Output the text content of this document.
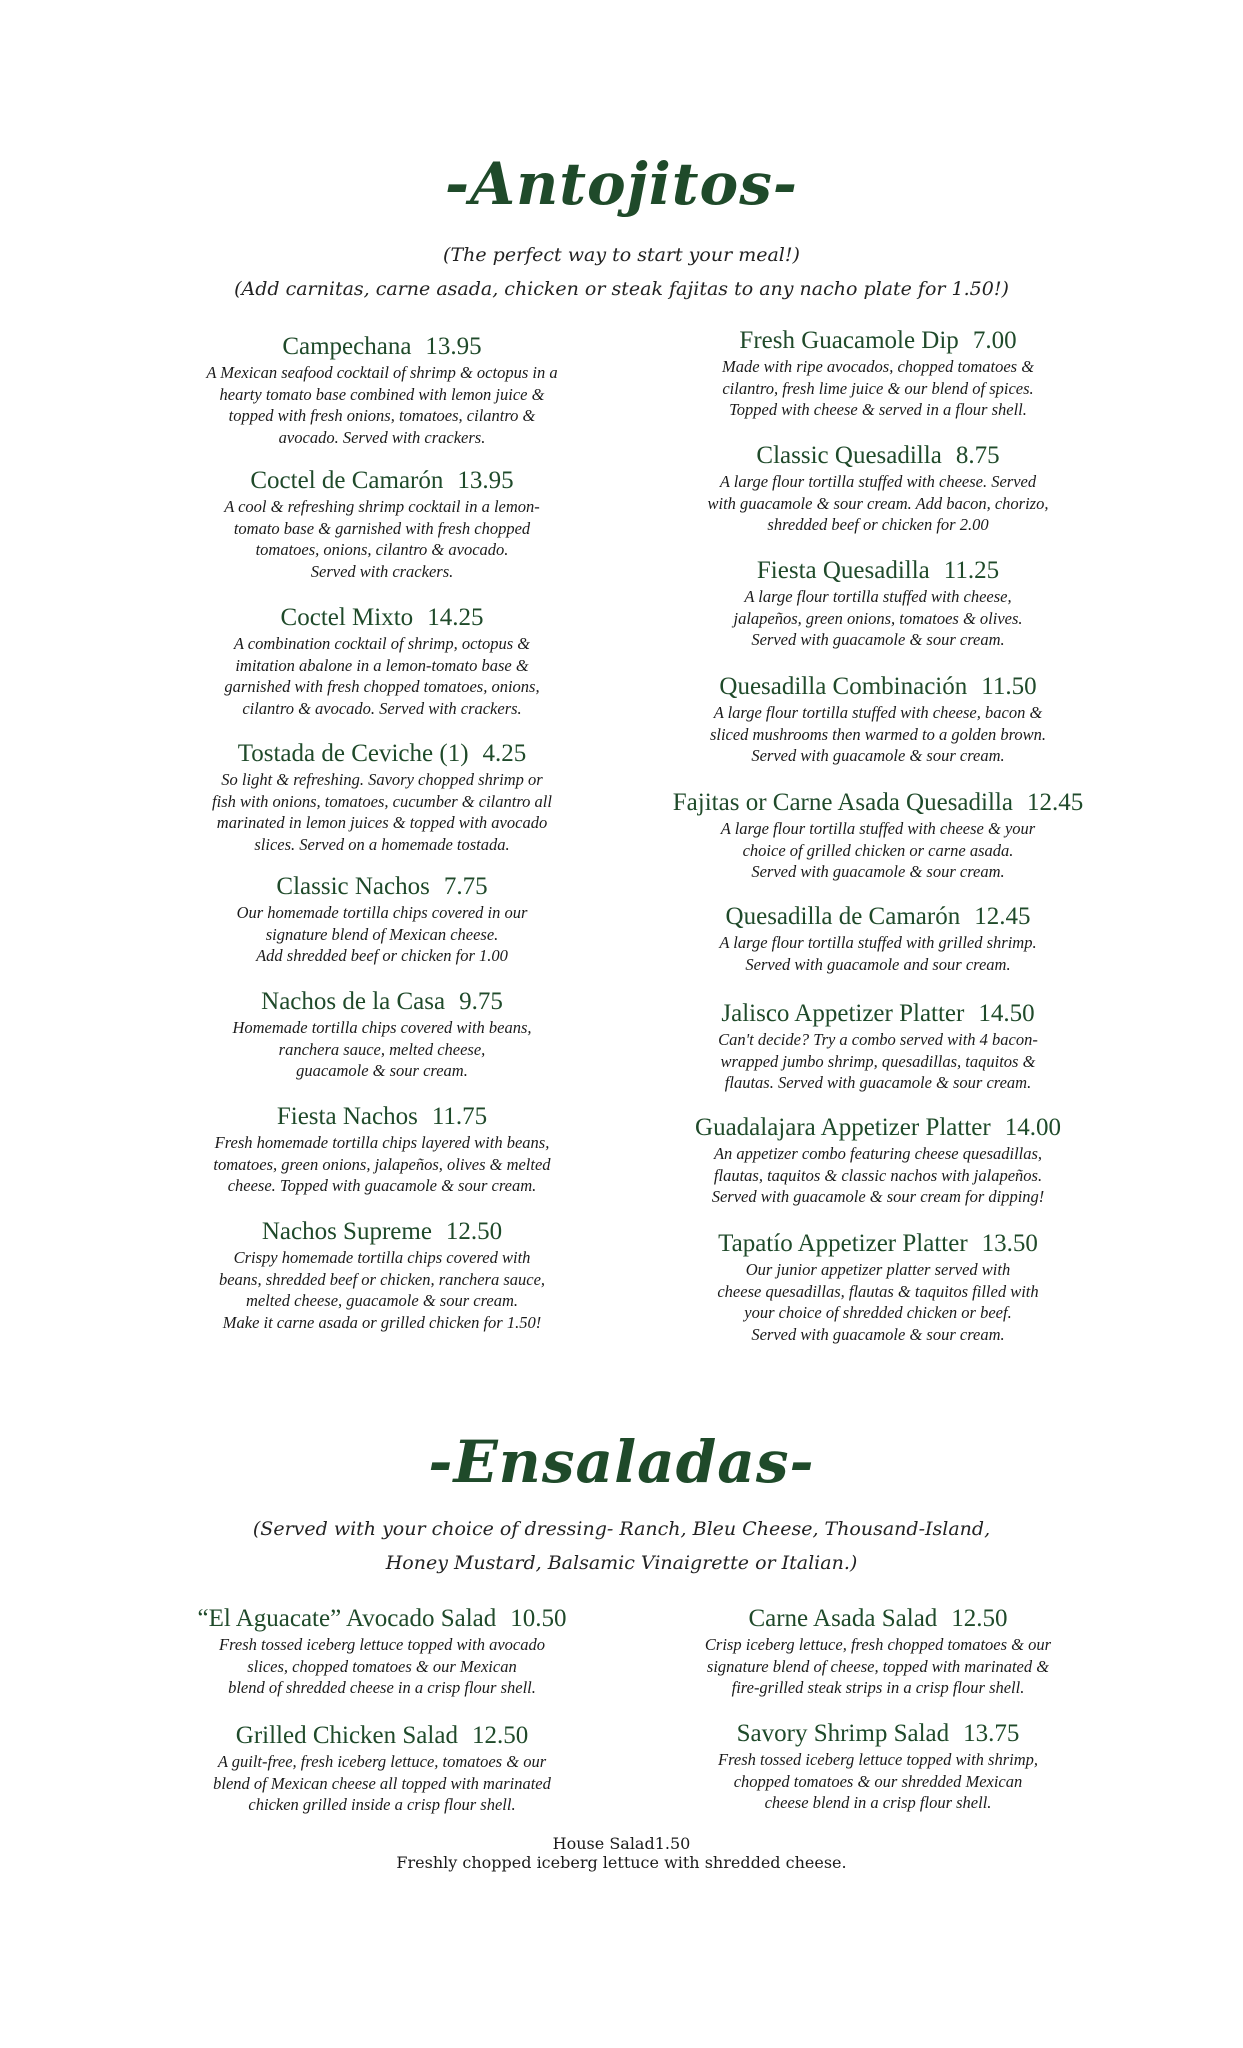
-Antojitos-
(The perfect way to start your meal!)
(Add carnitas, carne asada, chicken or steak fajitas to any nacho plate for 1.50!)
Campechana 13.95
A Mexican seafood cocktail of shrimp & octopus in a
hearty tomato base combined with lemon juice &
topped with fresh onions, tomatoes, cilantro &
avocado. Served with crackers.
Coctel de Camarón 13.95
A cool & refreshing shrimp cocktail in a lemon-
tomato base & garnished with fresh chopped
tomatoes, onions, cilantro & avocado.
Served with crackers.
Coctel Mixto 14.25
A combination cocktail of shrimp, octopus &
imitation abalone in a lemon-tomato base &
garnished with fresh chopped tomatoes, onions,
cilantro & avocado. Served with crackers.
Tostada de Ceviche (1) 4.25
So light & refreshing. Savory chopped shrimp or
fish with onions, tomatoes, cucumber & cilantro all
marinated in lemon juices & topped with avocado
slices. Served on a homemade tostada.
Classic Nachos 7.75
Our homemade tortilla chips covered in our
signature blend of Mexican cheese.
Add shredded beef or chicken for 1.00
Nachos de la Casa 9.75
Homemade tortilla chips covered with beans,
ranchera sauce, melted cheese,
guacamole & sour cream.
Fiesta Nachos 11.75
Fresh homemade tortilla chips layered with beans,
tomatoes, green onions, jalapeños, olives & melted
cheese. Topped with guacamole & sour cream.
Nachos Supreme 12.50
Crispy homemade tortilla chips covered with
beans, shredded beef or chicken, ranchera sauce,
melted cheese, guacamole & sour cream.
Make it carne asada or grilled chicken for 1.50!
Fresh Guacamole Dip 7.00
Made with ripe avocados, chopped tomatoes &
cilantro, fresh lime juice & our blend of spices.
Topped with cheese & served in a flour shell.
Classic Quesadilla 8.75
A large flour tortilla stuffed with cheese. Served
with guacamole & sour cream. Add bacon, chorizo,
shredded beef or chicken for 2.00
Fiesta Quesadilla 11.25
A large flour tortilla stuffed with cheese,
jalapeños, green onions, tomatoes & olives.
Served with guacamole & sour cream.
Quesadilla Combinación 11.50
A large flour tortilla stuffed with cheese, bacon &
sliced mushrooms then warmed to a golden brown.
Served with guacamole & sour cream.
Fajitas or Carne Asada Quesadilla 12.45
A large flour tortilla stuffed with cheese & your
choice of grilled chicken or carne asada.
Served with guacamole & sour cream.
Quesadilla de Camarón 12.45
A large flour tortilla stuffed with grilled shrimp.
Served with guacamole and sour cream.
Jalisco Appetizer Platter 14.50
Can't decide? Try a combo served with 4 bacon-
wrapped jumbo shrimp, quesadillas, taquitos &
flautas. Served with guacamole & sour cream.
Guadalajara Appetizer Platter 14.00
An appetizer combo featuring cheese quesadillas,
flautas, taquitos & classic nachos with jalapeños.
Served with guacamole & sour cream for dipping!
Tapatío Appetizer Platter 13.50
Our junior appetizer platter served with
cheese quesadillas, flautas & taquitos filled with
your choice of shredded chicken or beef.
Served with guacamole & sour cream.
-Ensaladas-
(Served with your choice of dressing- Ranch, Bleu Cheese, Thousand-Island,
Honey Mustard, Balsamic Vinaigrette or Italian.)
“El Aguacate” Avocado Salad 10.50
Fresh tossed iceberg lettuce topped with avocado
slices, chopped tomatoes & our Mexican
blend of shredded cheese in a crisp flour shell.
Grilled Chicken Salad 12.50
A guilt-free, fresh iceberg lettuce, tomatoes & our
blend of Mexican cheese all topped with marinated
chicken grilled inside a crisp flour shell.
Carne Asada Salad 12.50
Crisp iceberg lettuce, fresh chopped tomatoes & our
signature blend of cheese, topped with marinated &
fire-grilled steak strips in a crisp flour shell.
Savory Shrimp Salad 13.75
Fresh tossed iceberg lettuce topped with shrimp,
chopped tomatoes & our shredded Mexican
cheese blend in a crisp flour shell.
House Salad1.50
Freshly chopped iceberg lettuce with shredded cheese.
